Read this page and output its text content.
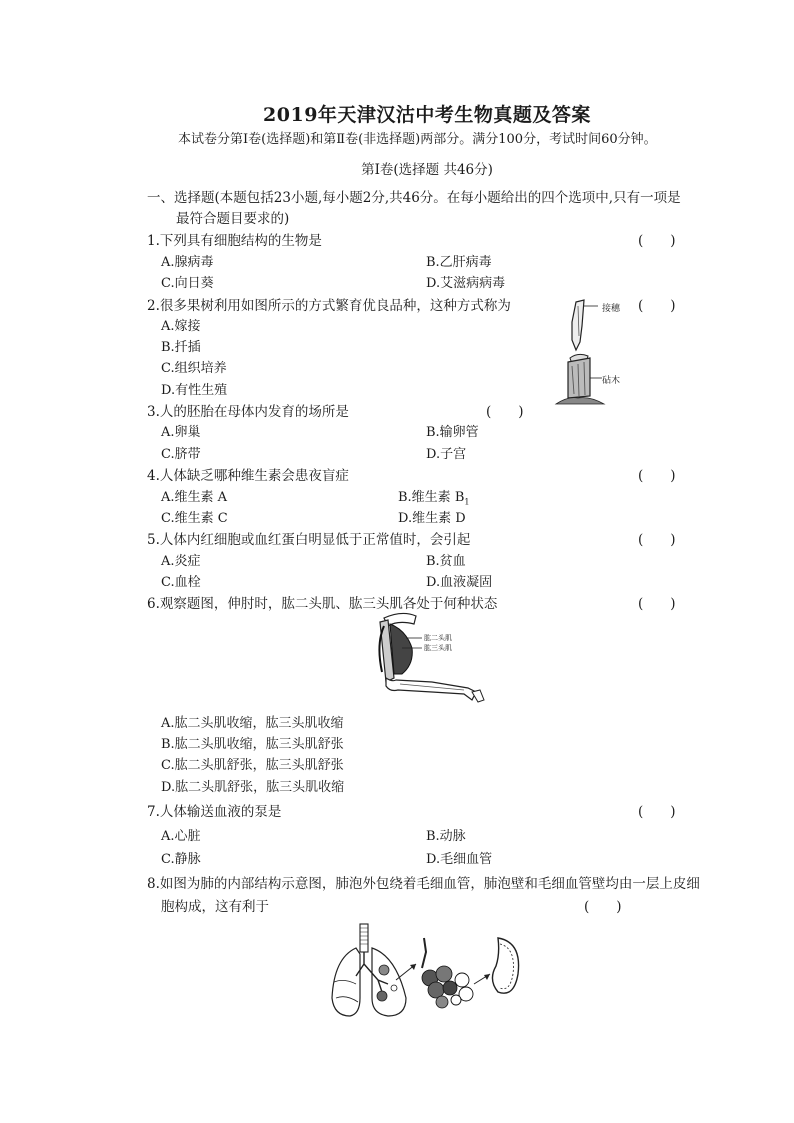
2019年天津汉沽中考生物真题及答案
本试卷分第Ⅰ卷(选择题)和第Ⅱ卷(非选择题)两部分。满分100分，考试时间60分钟。
第Ⅰ卷(选择题 共46分)
一、选择题(本题包括23小题,每小题2分,共46分。在每小题给出的四个选项中,只有一项是
最符合题目要求的)
1.下列具有细胞结构的生物是	(　　)
A.腺病毒	B.乙肝病毒
C.向日葵	D.艾滋病病毒
2.很多果树利用如图所示的方式繁育优良品种，这种方式称为	(　　)
A.嫁接
B.扦插
C.组织培养
D.有性生殖
接穗
砧木
3.人的胚胎在母体内发育的场所是	(　　)
A.卵巢	B.输卵管
C.脐带	D.子宫
4.人体缺乏哪种维生素会患夜盲症	(　　)
A.维生素 A	B.维生素 $B_1$
C.维生素 C	D.维生素 D
5.人体内红细胞或血红蛋白明显低于正常值时，会引起	(　　)
A.炎症	B.贫血
C.血栓	D.血液凝固
6.观察题图，伸肘时，肱二头肌、肱三头肌各处于何种状态	(　　)
肱二头肌
肱三头肌
A.肱二头肌收缩，肱三头肌收缩
B.肱二头肌收缩，肱三头肌舒张
C.肱二头肌舒张，肱三头肌舒张
D.肱二头肌舒张，肱三头肌收缩
7.人体输送血液的泵是	(　　)
A.心脏	B.动脉
C.静脉	D.毛细血管
8.如图为肺的内部结构示意图，肺泡外包绕着毛细血管，肺泡壁和毛细血管壁均由一层上皮细
胞构成，这有利于	(　　)
